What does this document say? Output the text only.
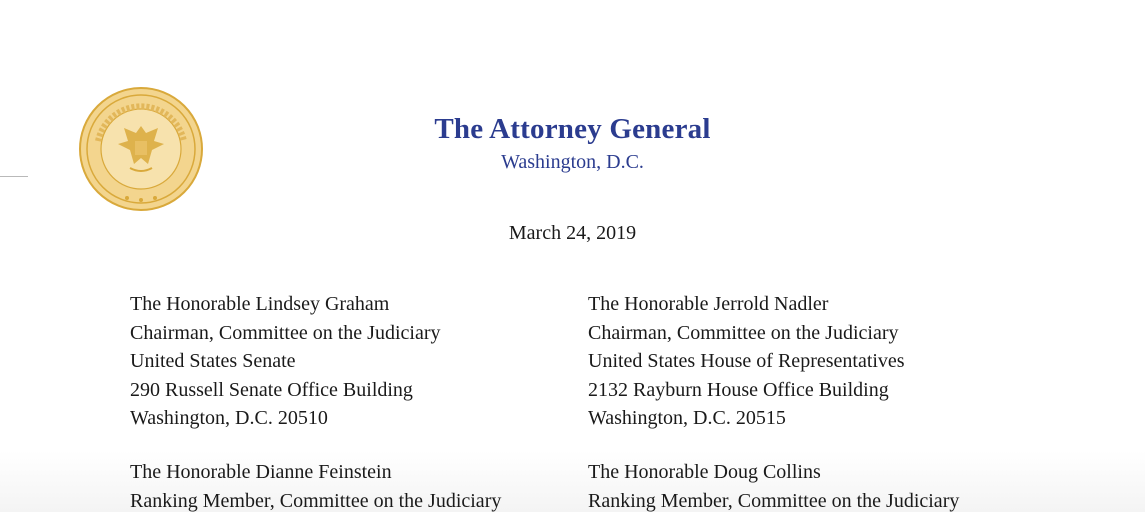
The Attorney General
Washington, D.C.
March 24, 2019
The Honorable Lindsey Graham
Chairman, Committee on the Judiciary
United States Senate
290 Russell Senate Office Building
Washington, D.C. 20510
The Honorable Jerrold Nadler
Chairman, Committee on the Judiciary
United States House of Representatives
2132 Rayburn House Office Building
Washington, D.C. 20515
The Honorable Dianne Feinstein
Ranking Member, Committee on the Judiciary
The Honorable Doug Collins
Ranking Member, Committee on the Judiciary
